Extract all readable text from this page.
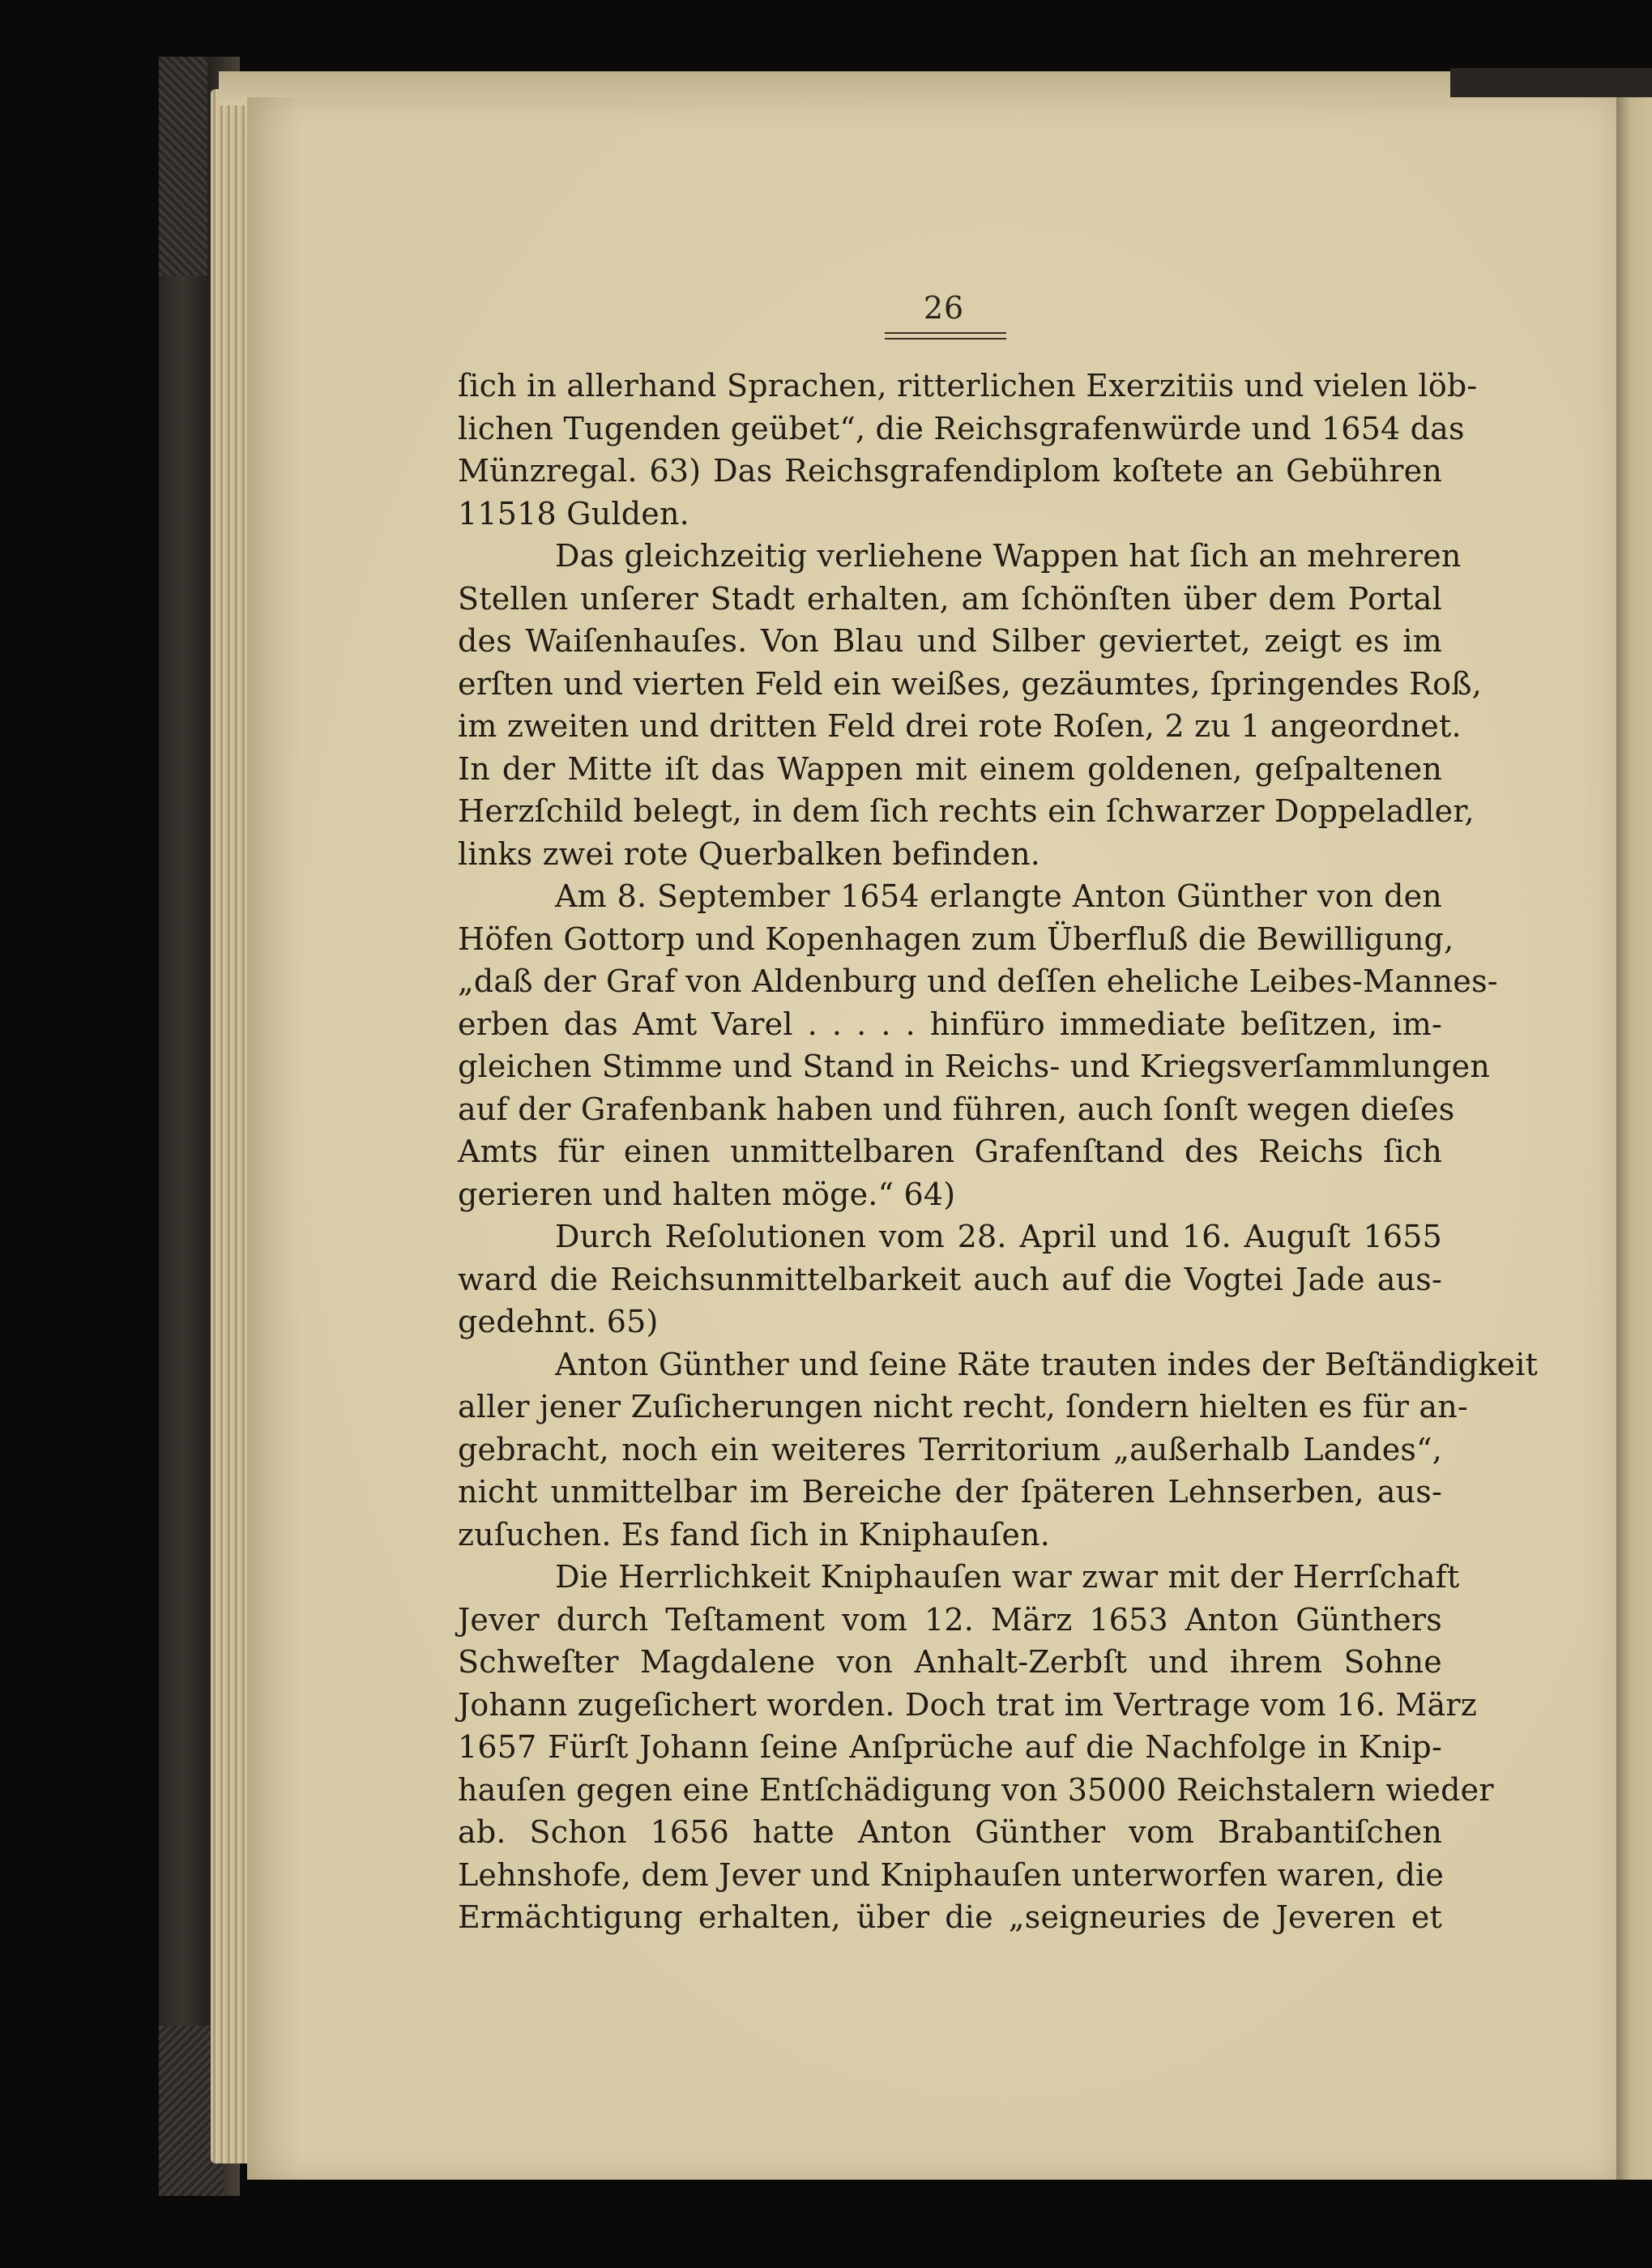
26
ſich in allerhand Sprachen, ritterlichen Exerzitiis und vielen löb-
lichen Tugenden geübet“, die Reichsgrafenwürde und 1654 das
Münzregal. 63) Das Reichsgrafendiplom koſtete an Gebühren
11518 Gulden.
Das gleichzeitig verliehene Wappen hat ſich an mehreren
Stellen unſerer Stadt erhalten, am ſchönſten über dem Portal
des Waiſenhauſes. Von Blau und Silber geviertet, zeigt es im
erſten und vierten Feld ein weißes, gezäumtes, ſpringendes Roß,
im zweiten und dritten Feld drei rote Roſen, 2 zu 1 angeordnet.
In der Mitte iſt das Wappen mit einem goldenen, geſpaltenen
Herzſchild belegt, in dem ſich rechts ein ſchwarzer Doppeladler,
links zwei rote Querbalken befinden.
Am 8. September 1654 erlangte Anton Günther von den
Höfen Gottorp und Kopenhagen zum Überfluß die Bewilligung,
„daß der Graf von Aldenburg und deſſen eheliche Leibes-Mannes-
erben das Amt Varel . . . . . hinfüro immediate beſitzen, im-
gleichen Stimme und Stand in Reichs- und Kriegsverſammlungen
auf der Grafenbank haben und führen, auch ſonſt wegen dieſes
Amts für einen unmittelbaren Grafenſtand des Reichs ſich
gerieren und halten möge.“ 64)
Durch Reſolutionen vom 28. April und 16. Auguſt 1655
ward die Reichsunmittelbarkeit auch auf die Vogtei Jade aus-
gedehnt. 65)
Anton Günther und ſeine Räte trauten indes der Beſtändigkeit
aller jener Zuſicherungen nicht recht, ſondern hielten es für an-
gebracht, noch ein weiteres Territorium „außerhalb Landes“,
nicht unmittelbar im Bereiche der ſpäteren Lehnserben, aus-
zuſuchen. Es fand ſich in Kniphauſen.
Die Herrlichkeit Kniphauſen war zwar mit der Herrſchaft
Jever durch Teſtament vom 12. März 1653 Anton Günthers
Schweſter Magdalene von Anhalt-Zerbſt und ihrem Sohne
Johann zugeſichert worden. Doch trat im Vertrage vom 16. März
1657 Fürſt Johann ſeine Anſprüche auf die Nachfolge in Knip-
hauſen gegen eine Entſchädigung von 35000 Reichstalern wieder
ab. Schon 1656 hatte Anton Günther vom Brabantiſchen
Lehnshofe, dem Jever und Kniphauſen unterworfen waren, die
Ermächtigung erhalten, über die „seigneuries de Jeveren et
